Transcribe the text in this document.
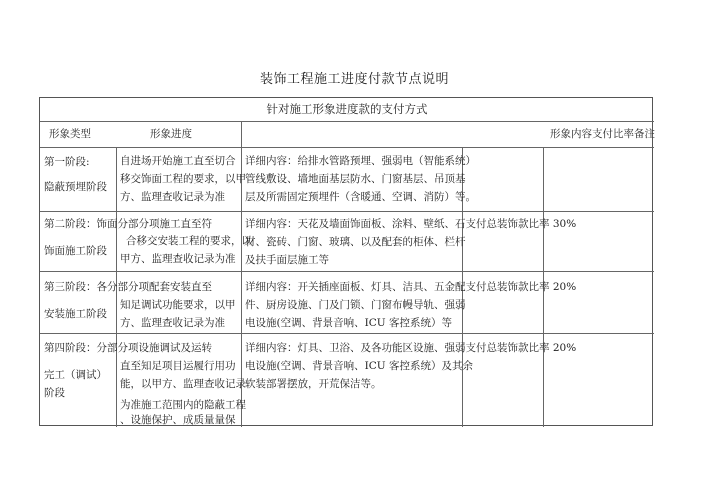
装饰工程施工进度付款节点说明
针对施工形象进度款的支付方式
形象类型	形象进度	形象内容支付比率备注
第一阶段:
隐蔽预埋阶段
自进场开始施工直至切合
移交饰面工程的要求，以甲
方、监理查收记录为准
详细内容：给排水管路预埋、强弱电（智能系统）
管线敷设、墙地面基层防水、门窗基层、吊顶基
层及所需固定预埋件（含暖通、空调、消防）等。
第二阶段：饰面分部分项施工直至符
饰面施工阶段
合移交安装工程的要求，以
甲方、监理查收记录为准
详细内容：天花及墙面饰面板、涂料、壁纸、石支付总装饰款比率 30%
材、瓷砖、门窗、玻璃、以及配套的柜体、栏杆
及扶手面层施工等
第三阶段：各分部分项配套安装直至
安装施工阶段
知足调试功能要求，以甲
方、监理查收记录为准
详细内容：开关插座面板、灯具、洁具、五金配支付总装饰款比率 20%
件、厨房设施、门及门锁、门窗布幔导轨、强弱
电设施(空调、背景音响、ICU 客控系统）等
第四阶段：分部分项设施调试及运转
完工（调试）
阶段
直至知足项目运履行用功
能，以甲方、监理查收记录
为准施工范围内的隐蔽工程
、设施保护、成质量量保
详细内容：灯具、卫浴、及各功能区设施、强弱支付总装饰款比率 20%
电设施(空调、背景音响、ICU 客控系统）及其余
软装部署摆放，开荒保洁等。
